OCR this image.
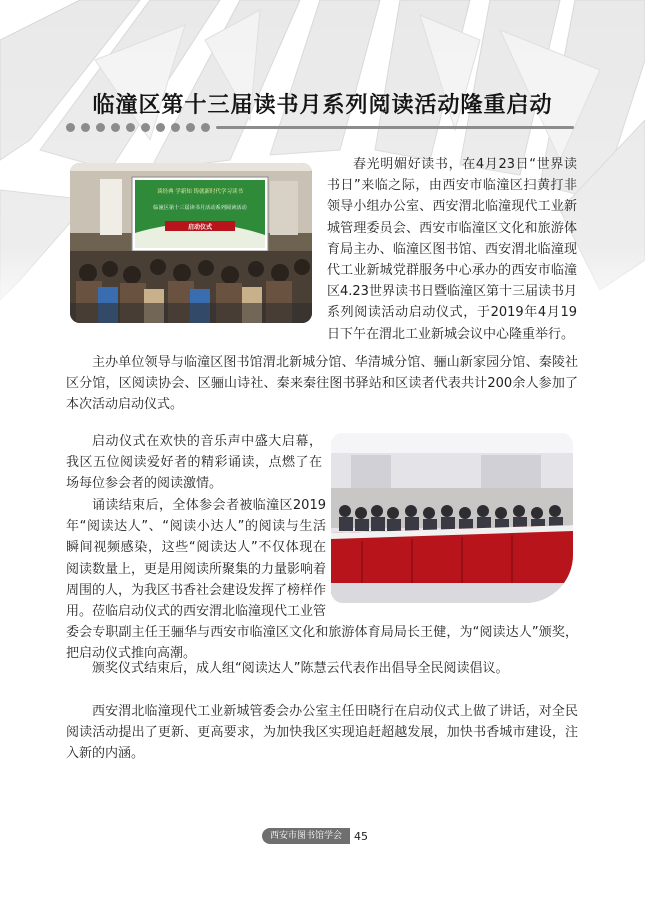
临潼区第十三届读书月系列阅读活动隆重启动
谈经典 学新知 铸就新时代学习读书
临潼区第十三届读书月活动系列阅读活动
启动仪式

春光明媚好读书，在4月23日“世界读书日”来临之际，由西安市临潼区扫黄打非领导小组办公室、西安渭北临潼现代工业新城管理委员会、西安市临潼区文化和旅游体育局主办、临潼区图书馆、西安渭北临潼现代工业新城党群服务中心承办的西安市临潼区4.23世界读书日暨临潼区第十三届读书月系列阅读活动启动仪式，于2019年4月19日下午在渭北工业新城会议中心隆重举行。

主办单位领导与临潼区图书馆渭北新城分馆、华清城分馆、骊山新家园分馆、秦陵社区分馆，区阅读协会、区骊山诗社、秦来秦往图书驿站和区读者代表共计200余人参加了本次活动启动仪式。

启动仪式在欢快的音乐声中盛大启幕，我区五位阅读爱好者的精彩诵读，点燃了在场每位参会者的阅读激情。

诵读结束后，全体参会者被临潼区2019年“阅读达人”、“阅读小达人”的阅读与生活瞬间视频感染，这些“阅读达人”不仅体现在阅读数量上，更是用阅读所聚集的力量影响着周围的人，为我区书香社会建设发挥了榜样作用。莅临启动仪式的西安渭北临潼现代工业管委会专职副主任王骊华与西安市临潼区文化和旅游体育局局长王健，为“阅读达人”颁奖，把启动仪式推向高潮。

颁奖仪式结束后，成人组“阅读达人”陈慧云代表作出倡导全民阅读倡议。

西安渭北临潼现代工业新城管委会办公室主任田晓行在启动仪式上做了讲话，对全民阅读活动提出了更新、更高要求，为加快我区实现追赶超越发展，加快书香城市建设，注入新的内涵。

西安市图书馆学会	45
